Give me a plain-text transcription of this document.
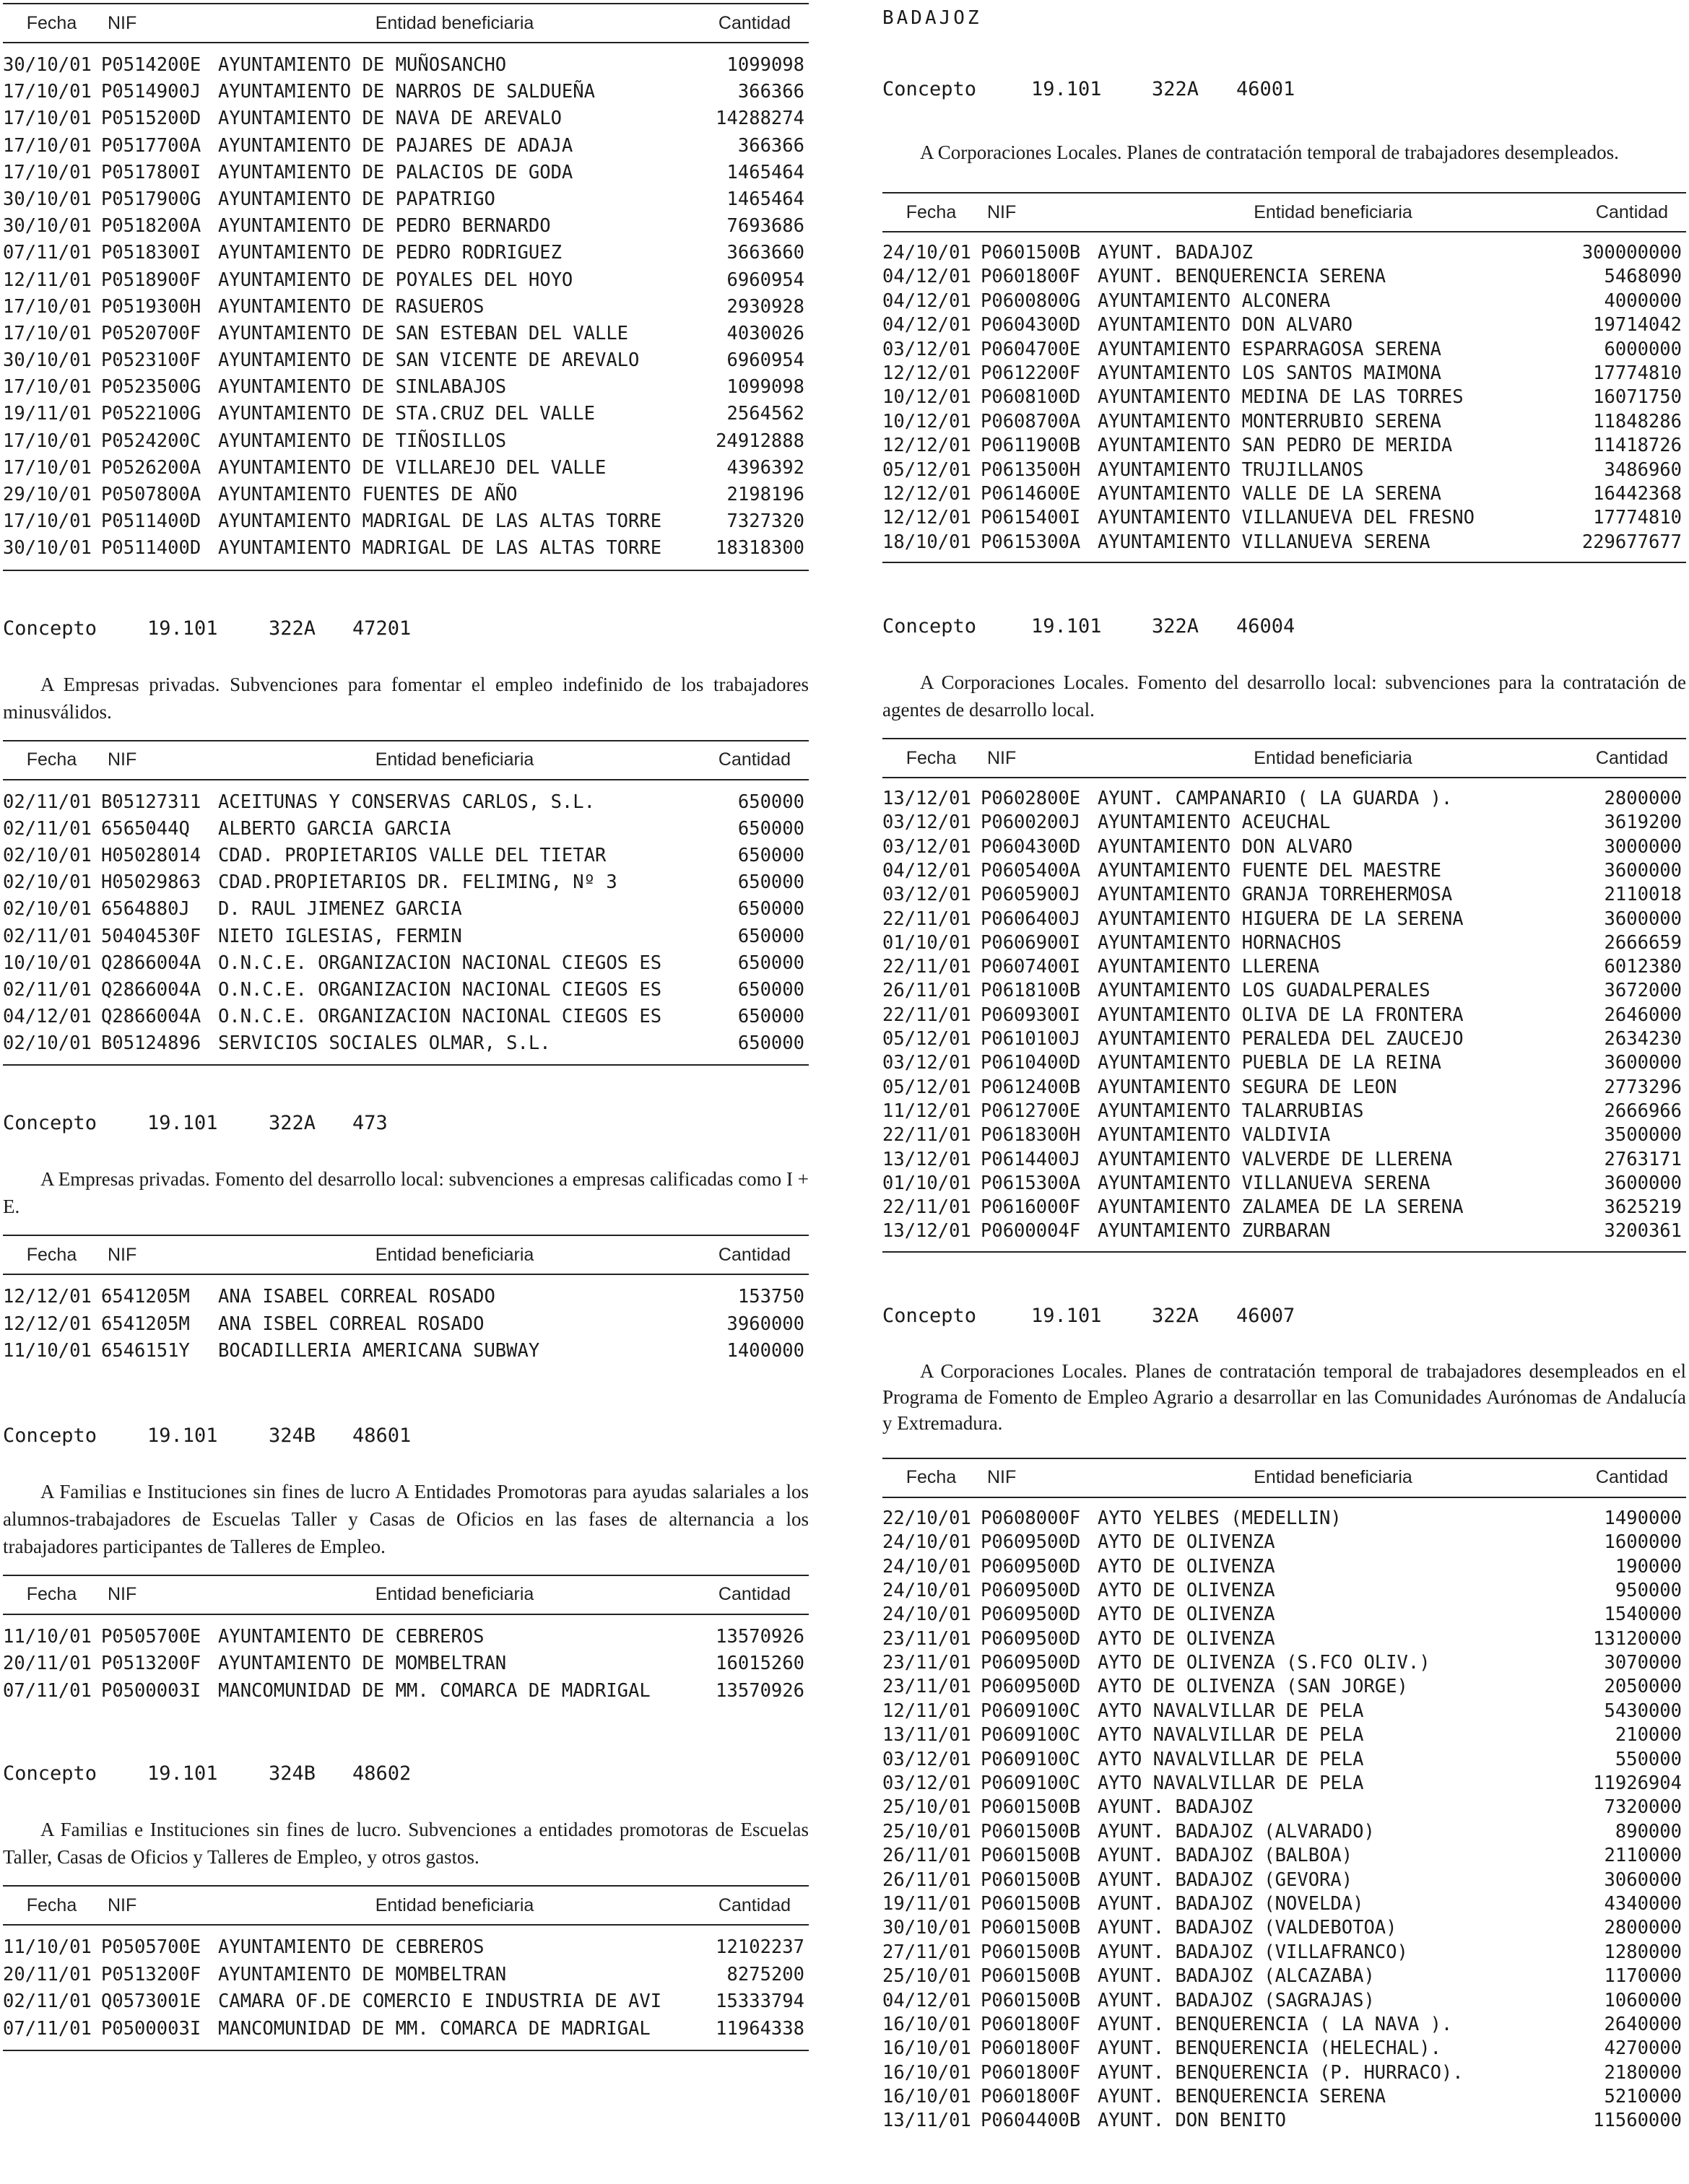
Fecha	NIF	Entidad beneficiaria	Cantidad
30/10/01 P0514200E AYUNTAMIENTO DE MUÑOSANCHO	1099098
17/10/01 P0514900J AYUNTAMIENTO DE NARROS DE SALDUEÑA	366366
17/10/01 P0515200D AYUNTAMIENTO DE NAVA DE AREVALO	14288274
17/10/01 P0517700A AYUNTAMIENTO DE PAJARES DE ADAJA	366366
17/10/01 P0517800I AYUNTAMIENTO DE PALACIOS DE GODA	1465464
30/10/01 P0517900G AYUNTAMIENTO DE PAPATRIGO	1465464
30/10/01 P0518200A AYUNTAMIENTO DE PEDRO BERNARDO	7693686
07/11/01 P0518300I AYUNTAMIENTO DE PEDRO RODRIGUEZ	3663660
12/11/01 P0518900F AYUNTAMIENTO DE POYALES DEL HOYO	6960954
17/10/01 P0519300H AYUNTAMIENTO DE RASUEROS	2930928
17/10/01 P0520700F AYUNTAMIENTO DE SAN ESTEBAN DEL VALLE	4030026
30/10/01 P0523100F AYUNTAMIENTO DE SAN VICENTE DE AREVALO	6960954
17/10/01 P0523500G AYUNTAMIENTO DE SINLABAJOS	1099098
19/11/01 P0522100G AYUNTAMIENTO DE STA.CRUZ DEL VALLE	2564562
17/10/01 P0524200C AYUNTAMIENTO DE TIÑOSILLOS	24912888
17/10/01 P0526200A AYUNTAMIENTO DE VILLAREJO DEL VALLE	4396392
29/10/01 P0507800A AYUNTAMIENTO FUENTES DE AÑO	2198196
17/10/01 P0511400D AYUNTAMIENTO MADRIGAL DE LAS ALTAS TORRE	7327320
30/10/01 P0511400D AYUNTAMIENTO MADRIGAL DE LAS ALTAS TORRE	18318300
Concepto	19.101	322A 47201
A Empresas privadas. Subvenciones para fomentar el empleo indefinido de los trabajadores minusválidos.
Fecha	NIF	Entidad beneficiaria	Cantidad
02/11/01 B05127311 ACEITUNAS Y CONSERVAS CARLOS, S.L.	650000
02/11/01 6565044Q	ALBERTO GARCIA GARCIA	650000
02/10/01 H05028014 CDAD. PROPIETARIOS VALLE DEL TIETAR	650000
02/10/01 H05029863 CDAD.PROPIETARIOS DR. FELIMING, Nº 3	650000
02/10/01 6564880J	D. RAUL JIMENEZ GARCIA	650000
02/11/01 50404530F NIETO IGLESIAS, FERMIN	650000
10/10/01 Q2866004A O.N.C.E. ORGANIZACION NACIONAL CIEGOS ES	650000
02/11/01 Q2866004A O.N.C.E. ORGANIZACION NACIONAL CIEGOS ES	650000
04/12/01 Q2866004A O.N.C.E. ORGANIZACION NACIONAL CIEGOS ES	650000
02/10/01 B05124896 SERVICIOS SOCIALES OLMAR, S.L.	650000
Concepto	19.101	322A 473
A Empresas privadas. Fomento del desarrollo local: subvenciones a empresas calificadas como I + E.
Fecha	NIF	Entidad beneficiaria	Cantidad
12/12/01 6541205M	ANA ISABEL CORREAL ROSADO	153750
12/12/01 6541205M	ANA ISBEL CORREAL ROSADO	3960000
11/10/01 6546151Y	BOCADILLERIA AMERICANA SUBWAY	1400000
Concepto	19.101	324B 48601
A Familias e Instituciones sin fines de lucro A Entidades Promotoras para ayudas salariales a los alumnos-trabajadores de Escuelas Taller y Casas de Oficios en las fases de alternancia a los trabajadores participantes de Talleres de Empleo.
Fecha	NIF	Entidad beneficiaria	Cantidad
11/10/01 P0505700E AYUNTAMIENTO DE CEBREROS	13570926
20/11/01 P0513200F AYUNTAMIENTO DE MOMBELTRAN	16015260
07/11/01 P0500003I MANCOMUNIDAD DE MM. COMARCA DE MADRIGAL	13570926
Concepto	19.101	324B 48602
A Familias e Instituciones sin fines de lucro. Subvenciones a entidades promotoras de Escuelas Taller, Casas de Oficios y Talleres de Empleo, y otros gastos.
Fecha	NIF	Entidad beneficiaria	Cantidad
11/10/01 P0505700E AYUNTAMIENTO DE CEBREROS	12102237
20/11/01 P0513200F AYUNTAMIENTO DE MOMBELTRAN	8275200
02/11/01 Q0573001E CAMARA OF.DE COMERCIO E INDUSTRIA DE AVI	15333794
07/11/01 P0500003I MANCOMUNIDAD DE MM. COMARCA DE MADRIGAL	11964338
BADAJOZ
Concepto	19.101	322A 46001
A Corporaciones Locales. Planes de contratación temporal de trabajadores desempleados.
Fecha	NIF	Entidad beneficiaria	Cantidad
24/10/01 P0601500B AYUNT. BADAJOZ	300000000
04/12/01 P0601800F AYUNT. BENQUERENCIA SERENA	5468090
04/12/01 P0600800G AYUNTAMIENTO ALCONERA	4000000
04/12/01 P0604300D AYUNTAMIENTO DON ALVARO	19714042
03/12/01 P0604700E AYUNTAMIENTO ESPARRAGOSA SERENA	6000000
12/12/01 P0612200F AYUNTAMIENTO LOS SANTOS MAIMONA	17774810
10/12/01 P0608100D AYUNTAMIENTO MEDINA DE LAS TORRES	16071750
10/12/01 P0608700A AYUNTAMIENTO MONTERRUBIO SERENA	11848286
12/12/01 P0611900B AYUNTAMIENTO SAN PEDRO DE MERIDA	11418726
05/12/01 P0613500H AYUNTAMIENTO TRUJILLANOS	3486960
12/12/01 P0614600E AYUNTAMIENTO VALLE DE LA SERENA	16442368
12/12/01 P0615400I AYUNTAMIENTO VILLANUEVA DEL FRESNO	17774810
18/10/01 P0615300A AYUNTAMIENTO VILLANUEVA SERENA	229677677
Concepto	19.101	322A 46004
A Corporaciones Locales. Fomento del desarrollo local: subvenciones para la contratación de agentes de desarrollo local.
Fecha	NIF	Entidad beneficiaria	Cantidad
13/12/01 P0602800E AYUNT. CAMPANARIO ( LA GUARDA ).	2800000
03/12/01 P0600200J AYUNTAMIENTO ACEUCHAL	3619200
03/12/01 P0604300D AYUNTAMIENTO DON ALVARO	3000000
04/12/01 P0605400A AYUNTAMIENTO FUENTE DEL MAESTRE	3600000
03/12/01 P0605900J AYUNTAMIENTO GRANJA TORREHERMOSA	2110018
22/11/01 P0606400J AYUNTAMIENTO HIGUERA DE LA SERENA	3600000
01/10/01 P0606900I AYUNTAMIENTO HORNACHOS	2666659
22/11/01 P0607400I AYUNTAMIENTO LLERENA	6012380
26/11/01 P0618100B AYUNTAMIENTO LOS GUADALPERALES	3672000
22/11/01 P0609300I AYUNTAMIENTO OLIVA DE LA FRONTERA	2646000
05/12/01 P0610100J AYUNTAMIENTO PERALEDA DEL ZAUCEJO	2634230
03/12/01 P0610400D AYUNTAMIENTO PUEBLA DE LA REINA	3600000
05/12/01 P0612400B AYUNTAMIENTO SEGURA DE LEON	2773296
11/12/01 P0612700E AYUNTAMIENTO TALARRUBIAS	2666966
22/11/01 P0618300H AYUNTAMIENTO VALDIVIA	3500000
13/12/01 P0614400J AYUNTAMIENTO VALVERDE DE LLERENA	2763171
01/10/01 P0615300A AYUNTAMIENTO VILLANUEVA SERENA	3600000
22/11/01 P0616000F AYUNTAMIENTO ZALAMEA DE LA SERENA	3625219
13/12/01 P0600004F AYUNTAMIENTO ZURBARAN	3200361
Concepto	19.101	322A 46007
A Corporaciones Locales. Planes de contratación temporal de trabajadores desempleados en el Programa de Fomento de Empleo Agrario a desarrollar en las Comunidades Aurónomas de Andalucía y Extremadura.
Fecha	NIF	Entidad beneficiaria	Cantidad
22/10/01 P0608000F AYTO YELBES (MEDELLIN)	1490000
24/10/01 P0609500D AYTO DE OLIVENZA	1600000
24/10/01 P0609500D AYTO DE OLIVENZA	190000
24/10/01 P0609500D AYTO DE OLIVENZA	950000
24/10/01 P0609500D AYTO DE OLIVENZA	1540000
23/11/01 P0609500D AYTO DE OLIVENZA	13120000
23/11/01 P0609500D AYTO DE OLIVENZA (S.FCO OLIV.)	3070000
23/11/01 P0609500D AYTO DE OLIVENZA (SAN JORGE)	2050000
12/11/01 P0609100C AYTO NAVALVILLAR DE PELA	5430000
13/11/01 P0609100C AYTO NAVALVILLAR DE PELA	210000
03/12/01 P0609100C AYTO NAVALVILLAR DE PELA	550000
03/12/01 P0609100C AYTO NAVALVILLAR DE PELA	11926904
25/10/01 P0601500B AYUNT. BADAJOZ	7320000
25/10/01 P0601500B AYUNT. BADAJOZ (ALVARADO)	890000
26/11/01 P0601500B AYUNT. BADAJOZ (BALBOA)	2110000
26/11/01 P0601500B AYUNT. BADAJOZ (GEVORA)	3060000
19/11/01 P0601500B AYUNT. BADAJOZ (NOVELDA)	4340000
30/10/01 P0601500B AYUNT. BADAJOZ (VALDEBOTOA)	2800000
27/11/01 P0601500B AYUNT. BADAJOZ (VILLAFRANCO)	1280000
25/10/01 P0601500B AYUNT. BADAJOZ (ALCAZABA)	1170000
04/12/01 P0601500B AYUNT. BADAJOZ (SAGRAJAS)	1060000
16/10/01 P0601800F AYUNT. BENQUERENCIA ( LA NAVA ).	2640000
16/10/01 P0601800F AYUNT. BENQUERENCIA (HELECHAL).	4270000
16/10/01 P0601800F AYUNT. BENQUERENCIA (P. HURRACO).	2180000
16/10/01 P0601800F AYUNT. BENQUERENCIA SERENA	5210000
13/11/01 P0604400B AYUNT. DON BENITO	11560000
